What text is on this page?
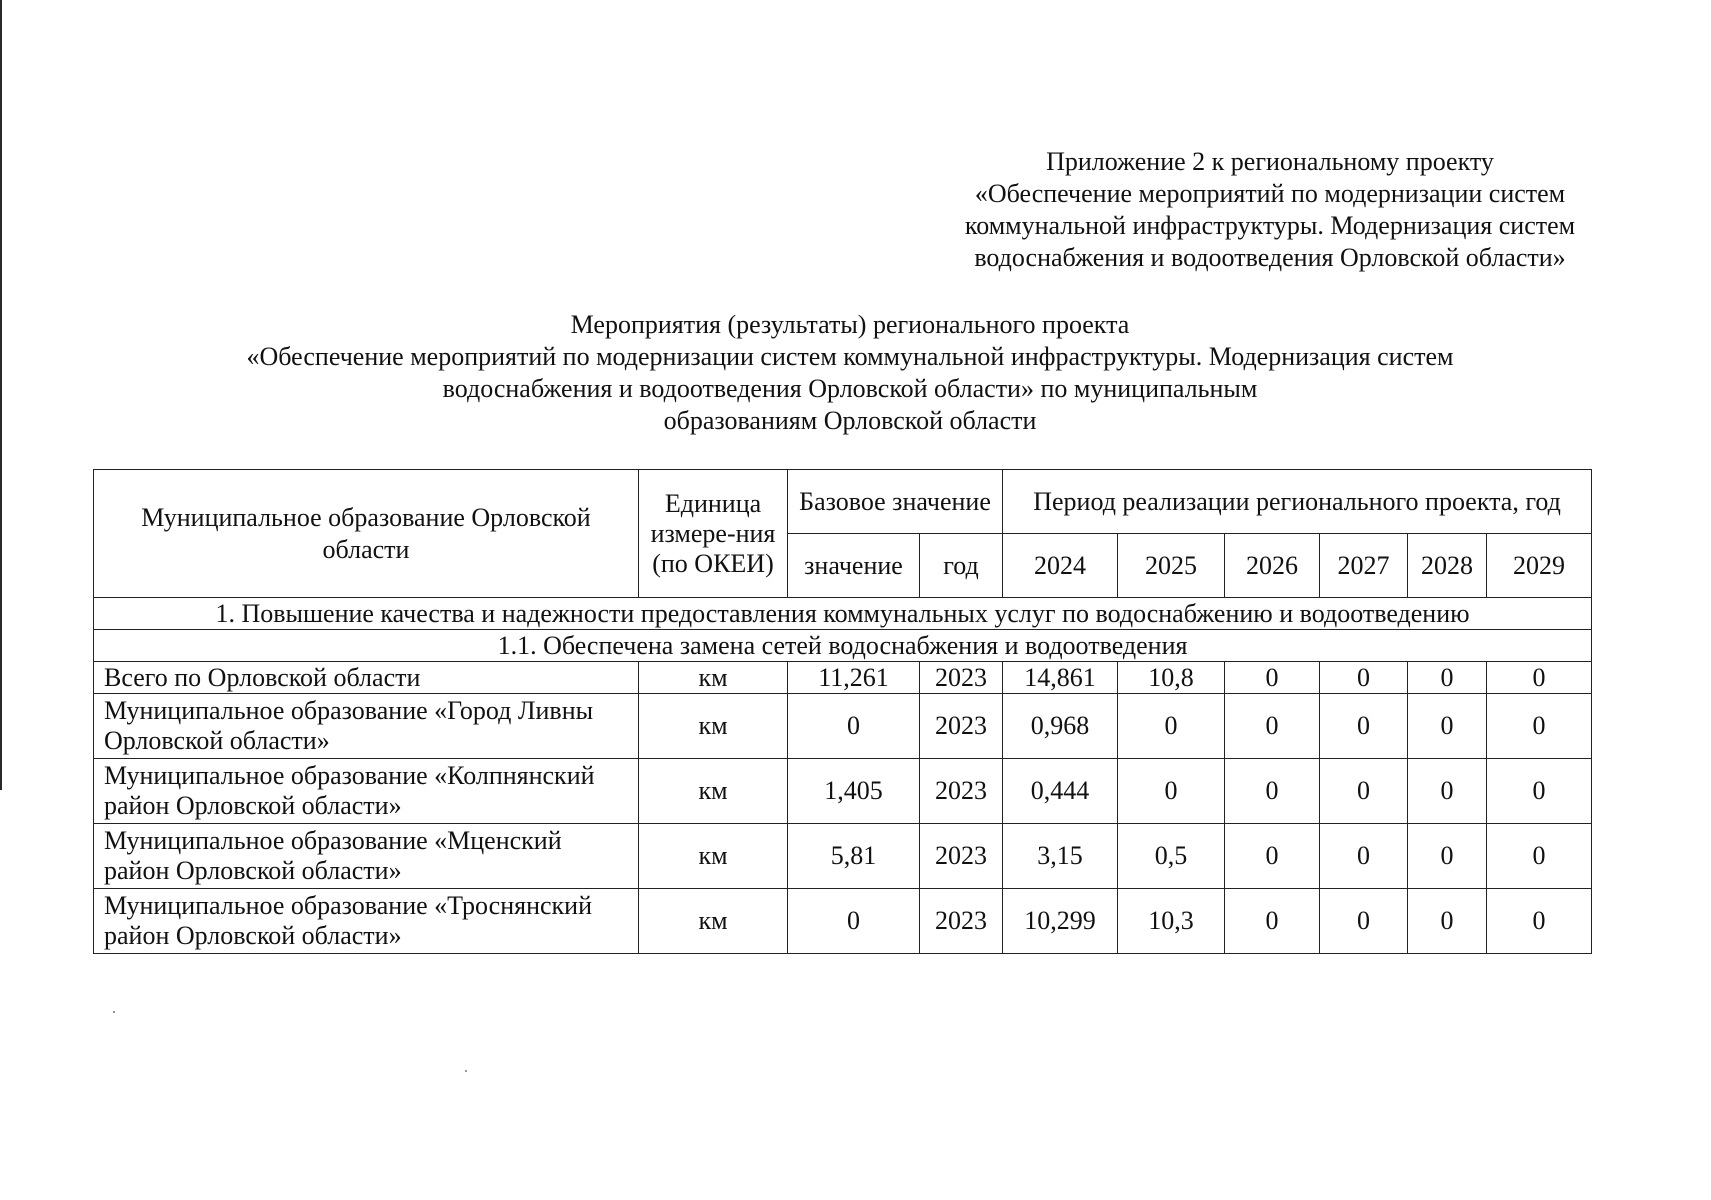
Приложение 2 к региональному проекту
«Обеспечение мероприятий по модернизации систем
коммунальной инфраструктуры. Модернизация систем
водоснабжения и водоотведения Орловской области»
Мероприятия (результаты) регионального проекта
«Обеспечение мероприятий по модернизации систем коммунальной инфраструктуры. Модернизация систем
водоснабжения и водоотведения Орловской области» по муниципальным
образованиям Орловской области
Муниципальное образование Орловской области	Единица измере-ния (по ОКЕИ)	Базовое значение		Период реализации регионального проекта, год					
		значение	год	2024	2025	2026	2027	2028	2029
1. Повышение качества и надежности предоставления коммунальных услуг по водоснабжению и водоотведению									
1.1. Обеспечена замена сетей водоснабжения и водоотведения									
Всего по Орловской области	км	11,261	2023	14,861	10,8	0	0	0	0
Муниципальное образование «Город Ливны Орловской области»	км	0	2023	0,968	0	0	0	0	0
Муниципальное образование «Колпнянский район Орловской области»	км	1,405	2023	0,444	0	0	0	0	0
Муниципальное образование «Мценский район Орловской области»	км	5,81	2023	3,15	0,5	0	0	0	0
Муниципальное образование «Троснянский район Орловской области»	км	0	2023	10,299	10,3	0	0	0	0
